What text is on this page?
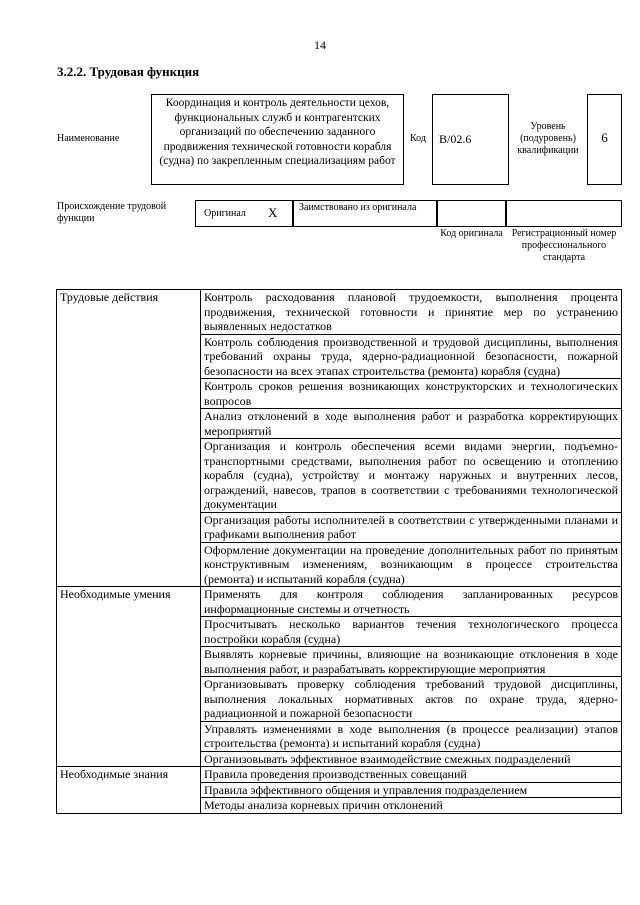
14
3.2.2. Трудовая функция
Наименование
Координация и контроль деятельности цехов, функциональных служб и контрагентских организаций по обеспечению заданного продвижения технической готовности корабля (судна) по закрепленным специализациям работ
Код	В/02.6
Уровень (подуровень) квалификации
6
Происхождение трудовой функции	Оригинал X Заимствовано из оригинала
Код оригинала Регистрационный номер профессионального стандарта
Трудовые действия	Контроль расходования плановой трудоемкости, выполнения процента продвижения, технической готовности и принятие мер по устранению выявленных недостатков
	Контроль соблюдения производственной и трудовой дисциплины, выполнения требований охраны труда, ядерно-радиационной безопасности, пожарной безопасности на всех этапах строительства (ремонта) корабля (судна)
	Контроль сроков решения возникающих конструкторских и технологических вопросов
	Анализ отклонений в ходе выполнения работ и разработка корректирующих мероприятий
	Организация и контроль обеспечения всеми видами энергии, подъемно-транспортными средствами, выполнения работ по освещению и отоплению корабля (судна), устройству и монтажу наружных и внутренних лесов, ограждений, навесов, трапов в соответствии с требованиями технологической документации
	Организация работы исполнителей в соответствии с утвержденными планами и графиками выполнения работ
	Оформление документации на проведение дополнительных работ по принятым конструктивным изменениям, возникающим в процессе строительства (ремонта) и испытаний корабля (судна)
Необходимые умения	Применять для контроля соблюдения запланированных ресурсов информационные системы и отчетность
	Просчитывать несколько вариантов течения технологического процесса постройки корабля (судна)
	Выявлять корневые причины, влияющие на возникающие отклонения в ходе выполнения работ, и разрабатывать корректирующие мероприятия
	Организовывать проверку соблюдения требований трудовой дисциплины, выполнения локальных нормативных актов по охране труда, ядерно-радиационной и пожарной безопасности
	Управлять изменениями в ходе выполнения (в процессе реализации) этапов строительства (ремонта) и испытаний корабля (судна)
	Организовывать эффективное взаимодействие смежных подразделений
Необходимые знания	Правила проведения производственных совещаний
	Правила эффективного общения и управления подразделением
	Методы анализа корневых причин отклонений
